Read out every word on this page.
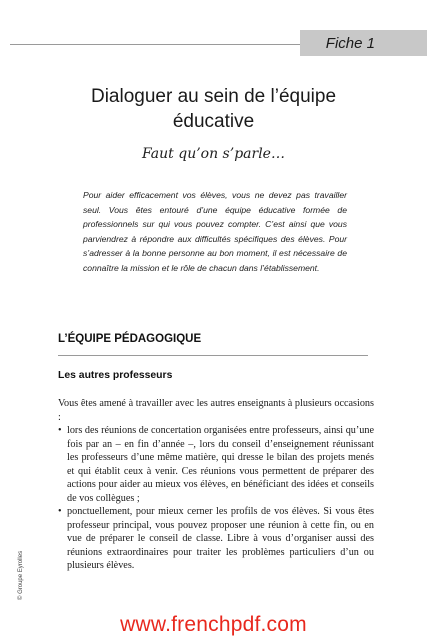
Fiche 1
Dialoguer au sein de l’équipe
éducative
Faut qu’on s’parle…
Pour aider efficacement vos élèves, vous ne devez pas travailler seul. Vous êtes entouré d’une équipe éducative formée de professionnels sur qui vous pouvez compter. C’est ainsi que vous parviendrez à répondre aux difficultés spécifiques des élèves. Pour s’adresser à la bonne personne au bon moment, il est nécessaire de connaître la mission et le rôle de chacun dans l’établissement.
L’ÉQUIPE PÉDAGOGIQUE
Les autres professeurs

Vous êtes amené à travailler avec les autres enseignants à plusieurs occasions :

• lors des réunions de concertation organisées entre professeurs, ainsi qu’une fois par an – en fin d’année –, lors du conseil d’enseignement réunissant les professeurs d’une même matière, qui dresse le bilan des projets menés et qui établit ceux à venir. Ces réunions vous permettent de préparer des actions pour aider au mieux vos élèves, en bénéficiant des idées et conseils de vos collègues ;
• ponctuellement, pour mieux cerner les profils de vos élèves. Si vous êtes professeur principal, vous pouvez proposer une réunion à cette fin, ou en vue de préparer le conseil de classe. Libre à vous d’organiser aussi des réunions extraordinaires pour traiter les problèmes particuliers d’un ou plusieurs élèves.
© Groupe Eyrolles
www.frenchpdf.com
